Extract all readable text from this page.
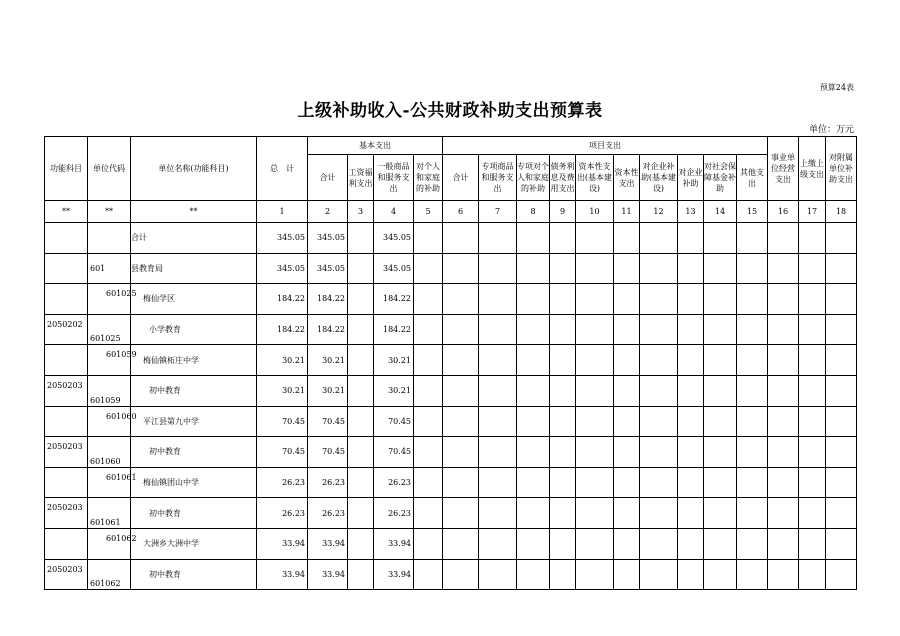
预算24表
上级补助收入-公共财政补助支出预算表
单位：万元
功能科目	单位代码	单位名称(功能科目)	总　计	基本支出				项目支出										事业单位经营支出	上缴上级支出	对附属单位补助支出
				合计	工资福利支出	一般商品和服务支出	对个人和家庭的补助	合计	专项商品和服务支出	专项对个人和家庭的补助	债务利息及费用支出	资本性支出(基本建设)	资本性支出	对企业补助(基本建设)	对企业补助	对社会保障基金补助	其他支出			
**	**	**	1	2	3	4	5	6	7	8	9	10	11	12	13	14	15	16	17	18
		合计	345.05	345.05		345.05														
	601	县教育局	345.05	345.05		345.05														
	601025	梅仙学区	184.22	184.22		184.22														
2050202	601025	小学教育	184.22	184.22		184.22														
	601059	梅仙镇柘庄中学	30.21	30.21		30.21														
2050203	601059	初中教育	30.21	30.21		30.21														
	601060	平江县第九中学	70.45	70.45		70.45														
2050203	601060	初中教育	70.45	70.45		70.45														
	601061	梅仙镇团山中学	26.23	26.23		26.23														
2050203	601061	初中教育	26.23	26.23		26.23														
	601062	大洲乡大洲中学	33.94	33.94		33.94														
2050203	601062	初中教育	33.94	33.94		33.94														
